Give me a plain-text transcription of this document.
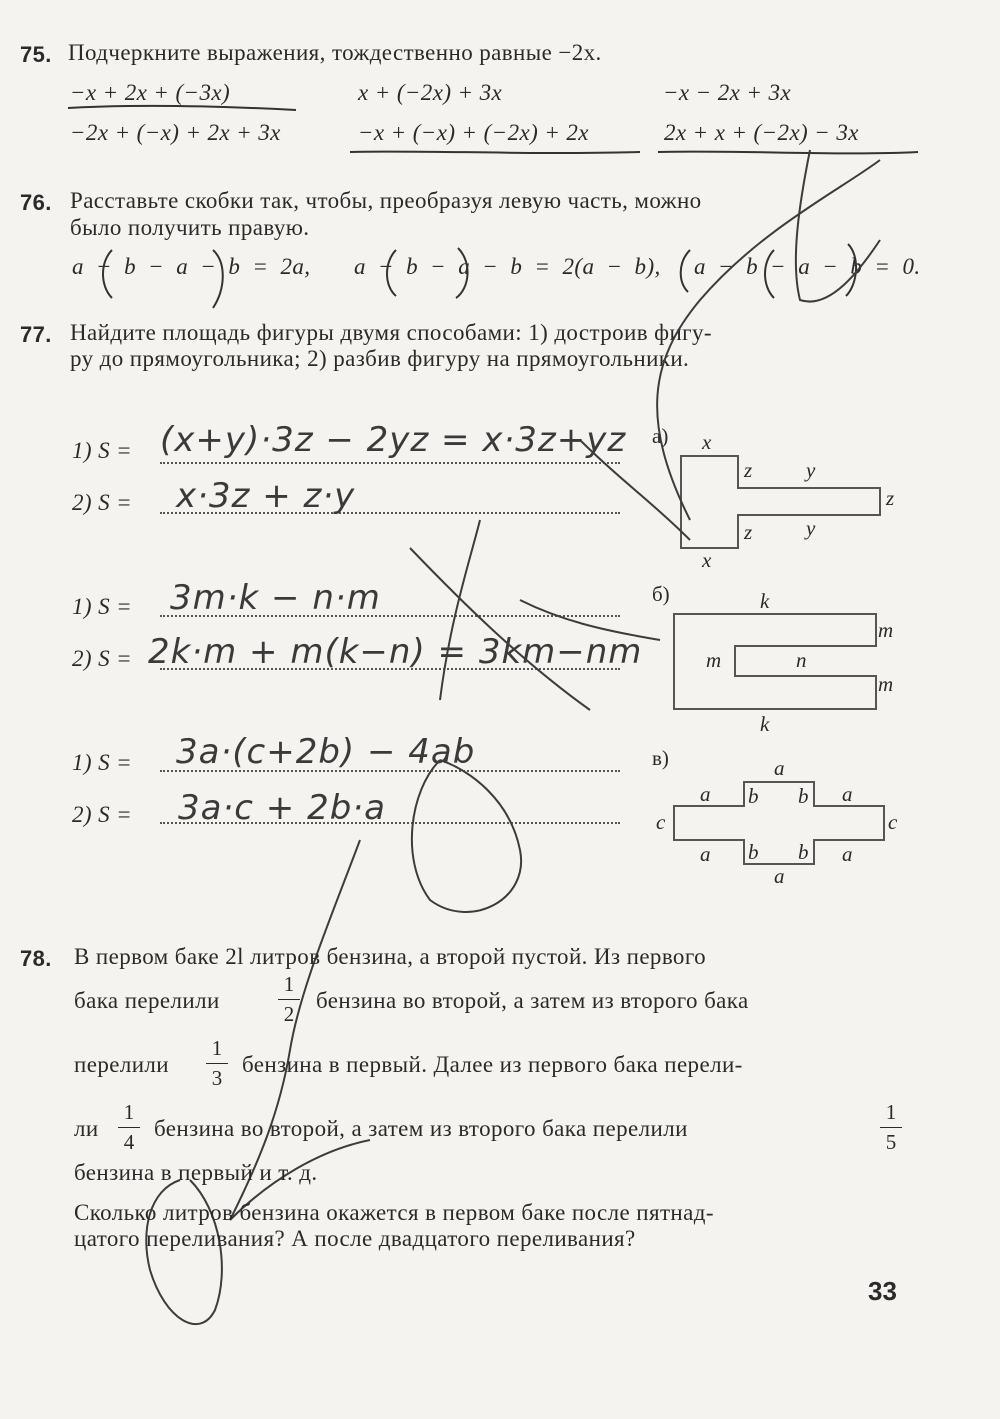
75. Подчеркните выражения, тождественно равные −2x.
−x + 2x + (−3x)	x + (−2x) + 3x	−x − 2x + 3x
−2x + (−x) + 2x + 3x	−x + (−x) + (−2x) + 2x	2x + x + (−2x) − 3x
76. Расставьте скобки так, чтобы, преобразуя левую часть, можно
было получить правую.
a − b − a − b = 2a, a − b − a − b = 2(a − b), a − b − a − b = 0.
77. Найдите площадь фигуры двумя способами: 1) достроив фигу-
ру до прямоугольника; 2) разбив фигуру на прямоугольники.
1) S = (x+y)·3z − 2yz = x·3z+yz
2) S = x·3z + z·y
1) S = 3m·k − n·m
2) S = 2k·m + m(k−n) = 3km−nm
1) S = 3a·(c+2b) − 4ab
2) S = 3a·c + 2b·a
а) x
x
z
z
y
y
z
б)	k
k
m
m
m	n
в)	a
a
a	a
a	a
b b
b b
c	c
78. В первом баке 2l литров бензина, а второй пустой. Из первого
бака перелили
1
2
бензина во второй, а затем из второго бака
перелили
1
3
бензина в первый. Далее из первого бака перели-
ли
1
4
бензина во второй, а затем из второго бака перелили
1
5
бензина в первый и т. д.
Сколько литров бензина окажется в первом баке после пятнад-
цатого переливания? А после двадцатого переливания?
33
